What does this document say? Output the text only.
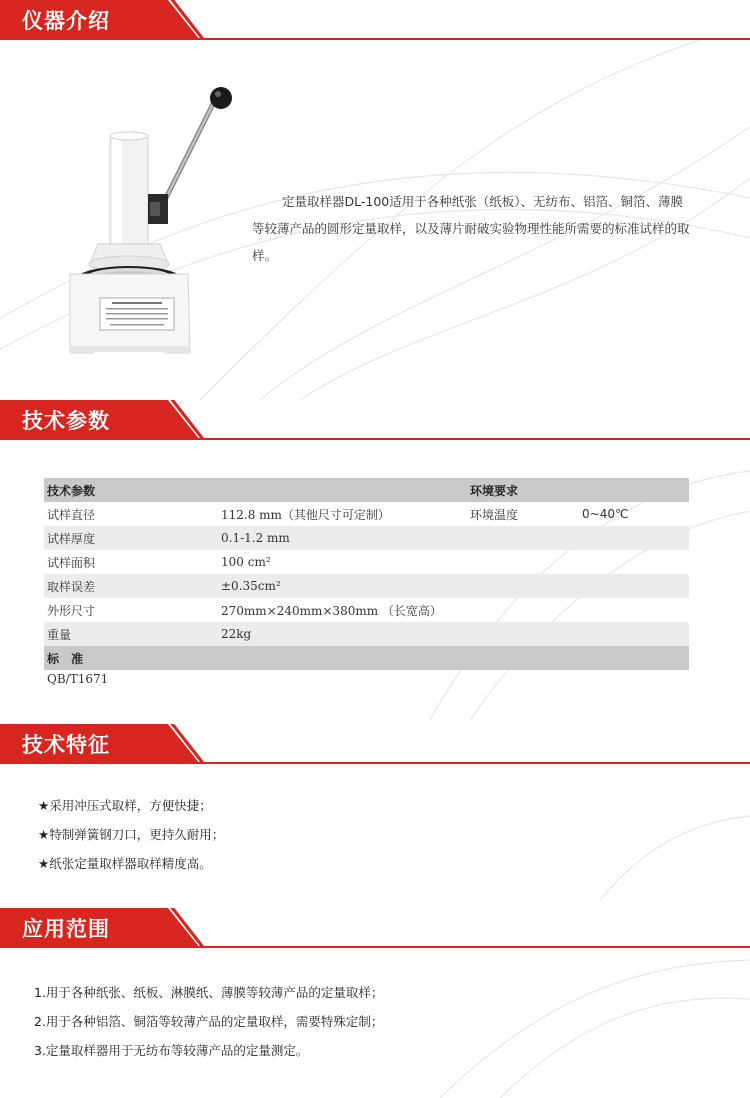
仪器介绍
定量取样器DL-100适用于各种纸张（纸板）、无纺布、铝箔、铜箔、薄膜等较薄产品的圆形定量取样，以及薄片耐破实验物理性能所需要的标准试样的取样。
技术参数
技术参数		环境要求	
试样直径	112.8 mm（其他尺寸可定制）	环境温度	0~40℃
试样厚度	0.1-1.2 mm		
试样面积	100 cm²		
取样误差	±0.35cm²		
外形尺寸	270mm×240mm×380mm （长宽高）		
重量	22kg		
标　准			
QB/T1671
技术特征
★采用冲压式取样，方便快捷；
★特制弹簧钢刀口，更持久耐用；
★纸张定量取样器取样精度高。
应用范围
1.用于各种纸张、纸板、淋膜纸、薄膜等较薄产品的定量取样；
2.用于各种铝箔、铜箔等较薄产品的定量取样，需要特殊定制；
3.定量取样器用于无纺布等较薄产品的定量测定。
